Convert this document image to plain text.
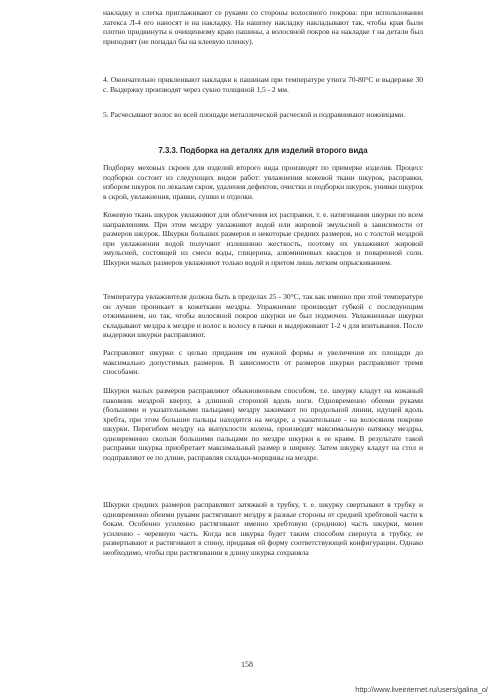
накладку и слегка приглаживают се руками со стороны волосяного покрова: при использовании латекса Л-4 его наносят и на накладку. На нашпну накладку накладывают так, чтобы края были плотно придвинуты к очищенному краю пашины, а волосяной покров на накладке т на детали был приподнят (не попадал бы на клеевую пленку).

4. Окончательно приклеивают накладки к пашинам при температуре утюга 70-80°С и выдержке 30 с. Выдержку производят через сукно толщиной 1,5 - 2 мм.

5. Расчесывают волос во всей площади металлической расческой и подравнивают ножницами.

7.3.3. Подборка на деталях для изделий второго вида

Подборку меховых скроев для изделий второго вида производят по примерке изделия. Процесс подборки состоит из следующих видов работ: увлажнения кожевой ткани шкурок, расправки, избором шкурок по лекалам скроя, удаления дефектов, очистки и подборки шкурок, унивки шкурок в скрой, увлажнения, правки, сушки и отделки.

Кожевую ткань шкурок увлажняют для облегчения их расправки, т. е. натягивания шкурки по всем направлениям. При этом мездру увлажняют водой или жировой эмульсией в зависимости от размеров шкурок. Шкурки больших размеров и некоторые средних размеров, но с толстой мездрой при увлажнении водой получают излишнюю жесткость, поэтому их увлажняют жировой эмульсией, состоящей из смеси воды, глицерина, алюминиевых квасцов и поваренной соли. Шкурки малых размеров увлажняют только водой и притом лишь легким опрыскиванием.

Температура увлажнителя должна быть в пределах 25 - 30°С, так как именно при этой температуре он лучше проникает в кожеткани мездры. Упражнение производят губкой с последующим отжиманием, но так, чтобы волосяной покров шкурки не был подмочен. Увлажненные шкурки складывают мездра к мездре и волос к волосу в пачки и выдерживают 1-2 ч для впитывания. После выдержки шкурки расправляют.

Расправляют шкурки с целью придания им нужной формы и увеличения их площади до максимально допустимых размеров. В зависимости от размеров шкурки расправляют тремя способами.

Шкурки малых размеров расправляют обыкновенным способом, т.е. шкурку кладут на кожаный паковник мездрой кверху, а длинной стороной вдоль ноги. Одновременно обеими руками (большими и указательными пальцами) мездру зажимают по продольной линии, идущей вдоль хребта, при этом большие пальцы находятся на мездре, а указательные - на волосяном покрове шкурки. Перегибом мездру на выпуклости колена, производят максимальную натяжку мездры, одновременно скользя большими пальцами по мездре шкурки к ее краям. В результате такой расправки шкурка приобретает максимальный размер в ширину. Затем шкурку кладут на стол и подправляют ее по длине, расправляя складки-морщины на мездре.

Шкурки средних размеров расправляют затяжкой в трубку, т. е. шкурку свертывают в трубку и одновременно обеими руками растягивают мездру в разные стороны от средней хребтовой части к бокам. Особенно усиленно растягивают именно хребтовую (среднюю) часть шкурки, менее усиленно - черевную часть. Когда вся шкурка будет таким способом свернута в трубку, ее развертывают и растягивают в спину, придавая ей форму соответствующей конфигурации. Однако необходимо, чтобы при растягивании в длину шкурка сохраняла

158

http://www.liveinternet.ru/users/galina_o/
